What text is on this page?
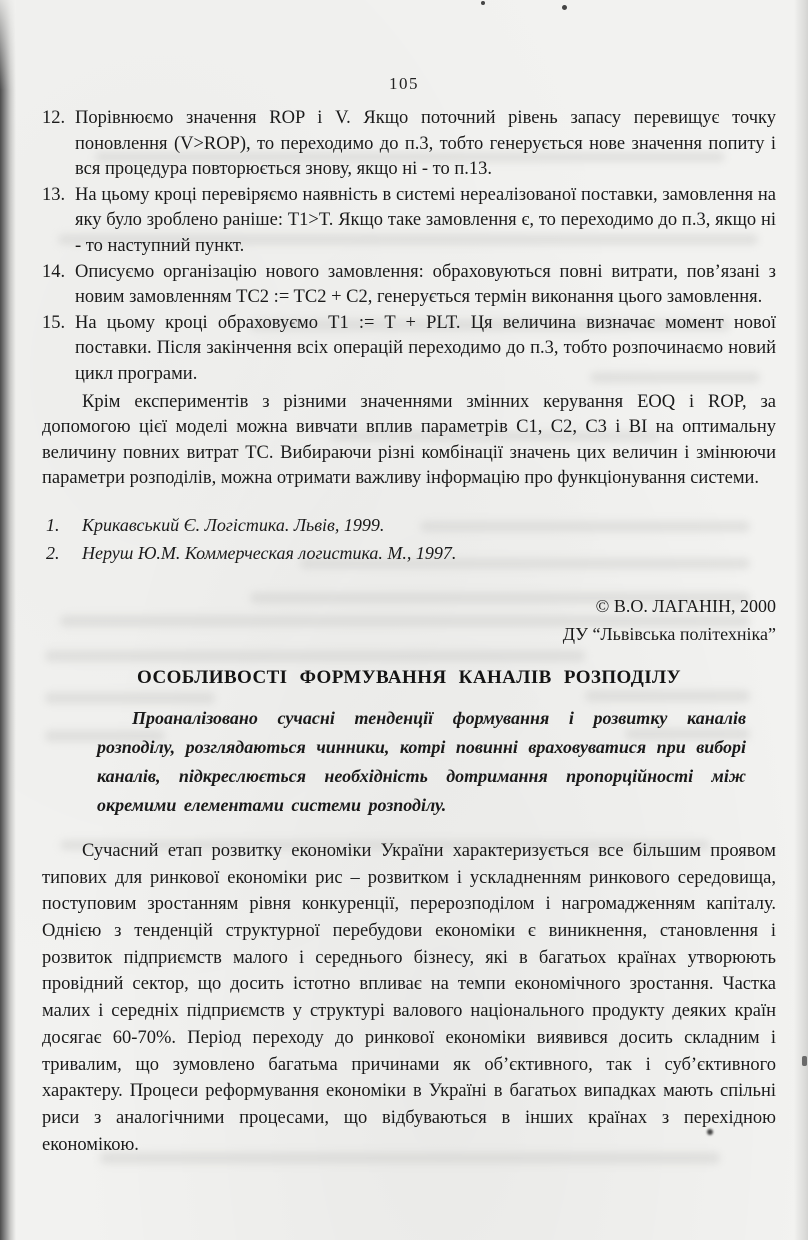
105
12. Порівнюємо значення ROP і V. Якщо поточний рівень запасу перевищує точку поновлення (V>ROP), то переходимо до п.3, тобто генерується нове значення попиту і вся процедура повторюється знову, якщо ні - то п.13.
13. На цьому кроці перевіряємо наявність в системі нереалізованої поставки, замовлення на яку було зроблено раніше: T1>T. Якщо таке замовлення є, то переходимо до п.3, якщо ні - то наступний пункт.
14. Описуємо організацію нового замовлення: обраховуються повні витрати, пов’язані з новим замовленням TC2 := TC2 + C2, генерується термін виконання цього замовлення.
15. На цьому кроці обраховуємо T1 := T + PLT. Ця величина визначає момент нової поставки. Після закінчення всіх операцій переходимо до п.3, тобто розпочинаємо новий цикл програми.

Крім експериментів з різними значеннями змінних керування EOQ і ROP, за допомогою цієї моделі можна вивчати вплив параметрів C1, C2, C3 і BI на оптимальну величину повних витрат TC. Вибираючи різні комбінації значень цих величин і змінюючи параметри розподілів, можна отримати важливу інформацію про функціонування системи.

1.	Крикавський Є. Логістика. Львів, 1999.
2.	Неруш Ю.М. Коммерческая логистика. М., 1997.
© В.О. ЛАГАНІН, 2000
ДУ “Львівська політехніка”
ОСОБЛИВОСТІ ФОРМУВАННЯ КАНАЛІВ РОЗПОДІЛУ

Проаналізовано сучасні тенденції формування і розвитку каналів розподілу, розглядаються чинники, котрі повинні враховуватися при виборі каналів, підкреслюється необхідність дотримання пропорційності між окремими елементами системи розподілу.

Сучасний етап розвитку економіки України характеризується все більшим проявом типових для ринкової економіки рис – розвитком і ускладненням ринкового середовища, поступовим зростанням рівня конкуренції, перерозподілом і нагромадженням капіталу. Однією з тенденцій структурної перебудови економіки є виникнення, становлення і розвиток підприємств малого і середнього бізнесу, які в багатьох країнах утворюють провідний сектор, що досить істотно впливає на темпи економічного зростання. Частка малих і середніх підприємств у структурі валового національного продукту деяких країн досягає 60-70%. Період переходу до ринкової економіки виявився досить складним і тривалим, що зумовлено багатьма причинами як об’єктивного, так і суб’єктивного характеру. Процеси реформування економіки в Україні в багатьох випадках мають спільні риси з аналогічними процесами, що відбуваються в інших країнах з перехідною економікою.
